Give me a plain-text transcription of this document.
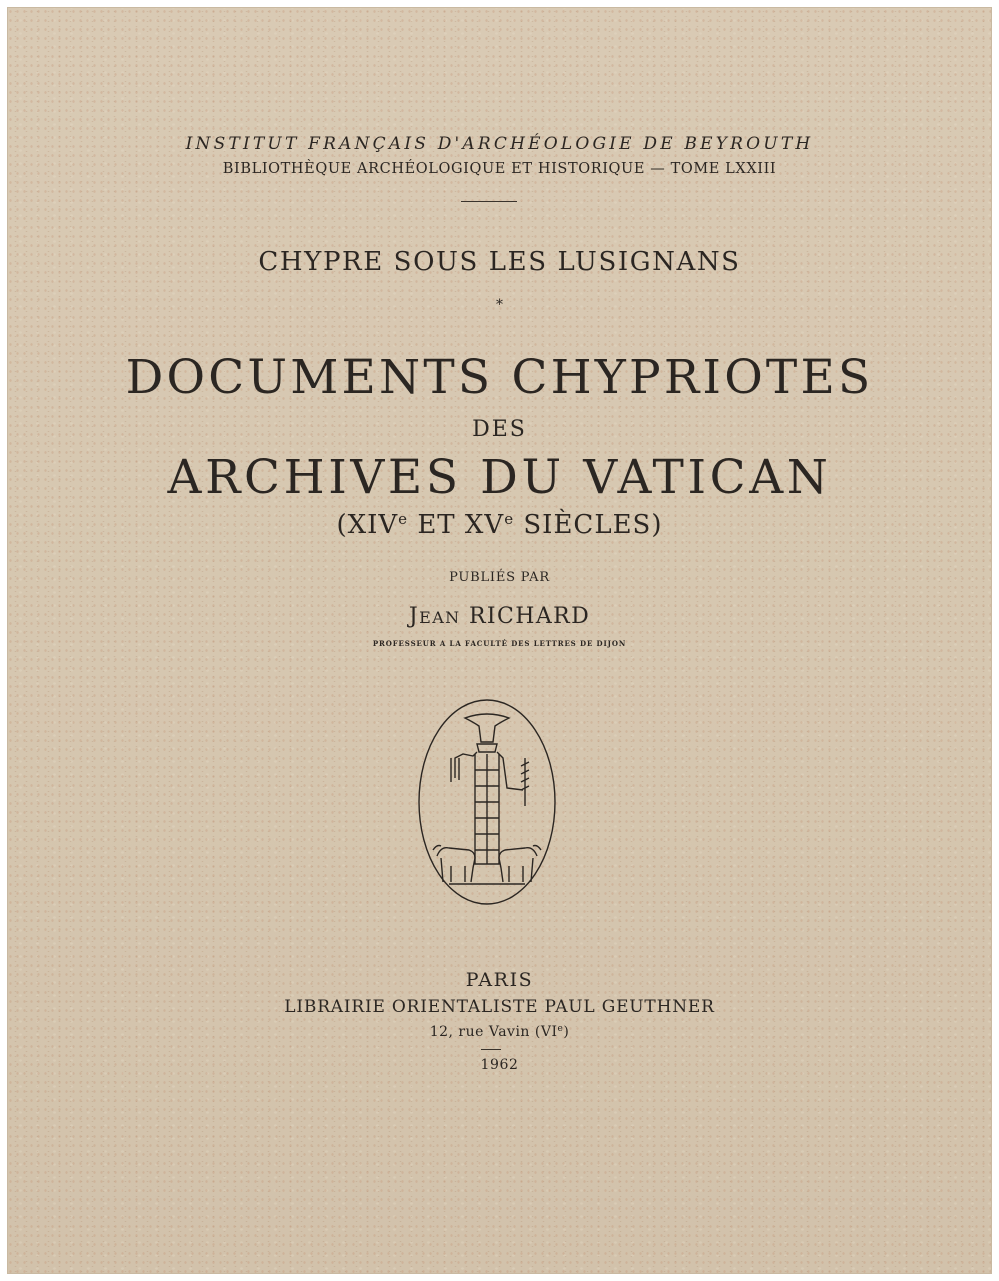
INSTITUT FRANÇAIS D'ARCHÉOLOGIE DE BEYROUTH
BIBLIOTHÈQUE ARCHÉOLOGIQUE ET HISTORIQUE — TOME LXXIII
CHYPRE SOUS LES LUSIGNANS
*
DOCUMENTS CHYPRIOTES
DES
ARCHIVES DU VATICAN
(XIVe ET XVe SIÈCLES)
PUBLIÉS PAR
JEAN RICHARD
PROFESSEUR A LA FACULTÉ DES LETTRES DE DIJON
PARIS
LIBRAIRIE ORIENTALISTE PAUL GEUTHNER
12, rue Vavin (VIe)
1962
